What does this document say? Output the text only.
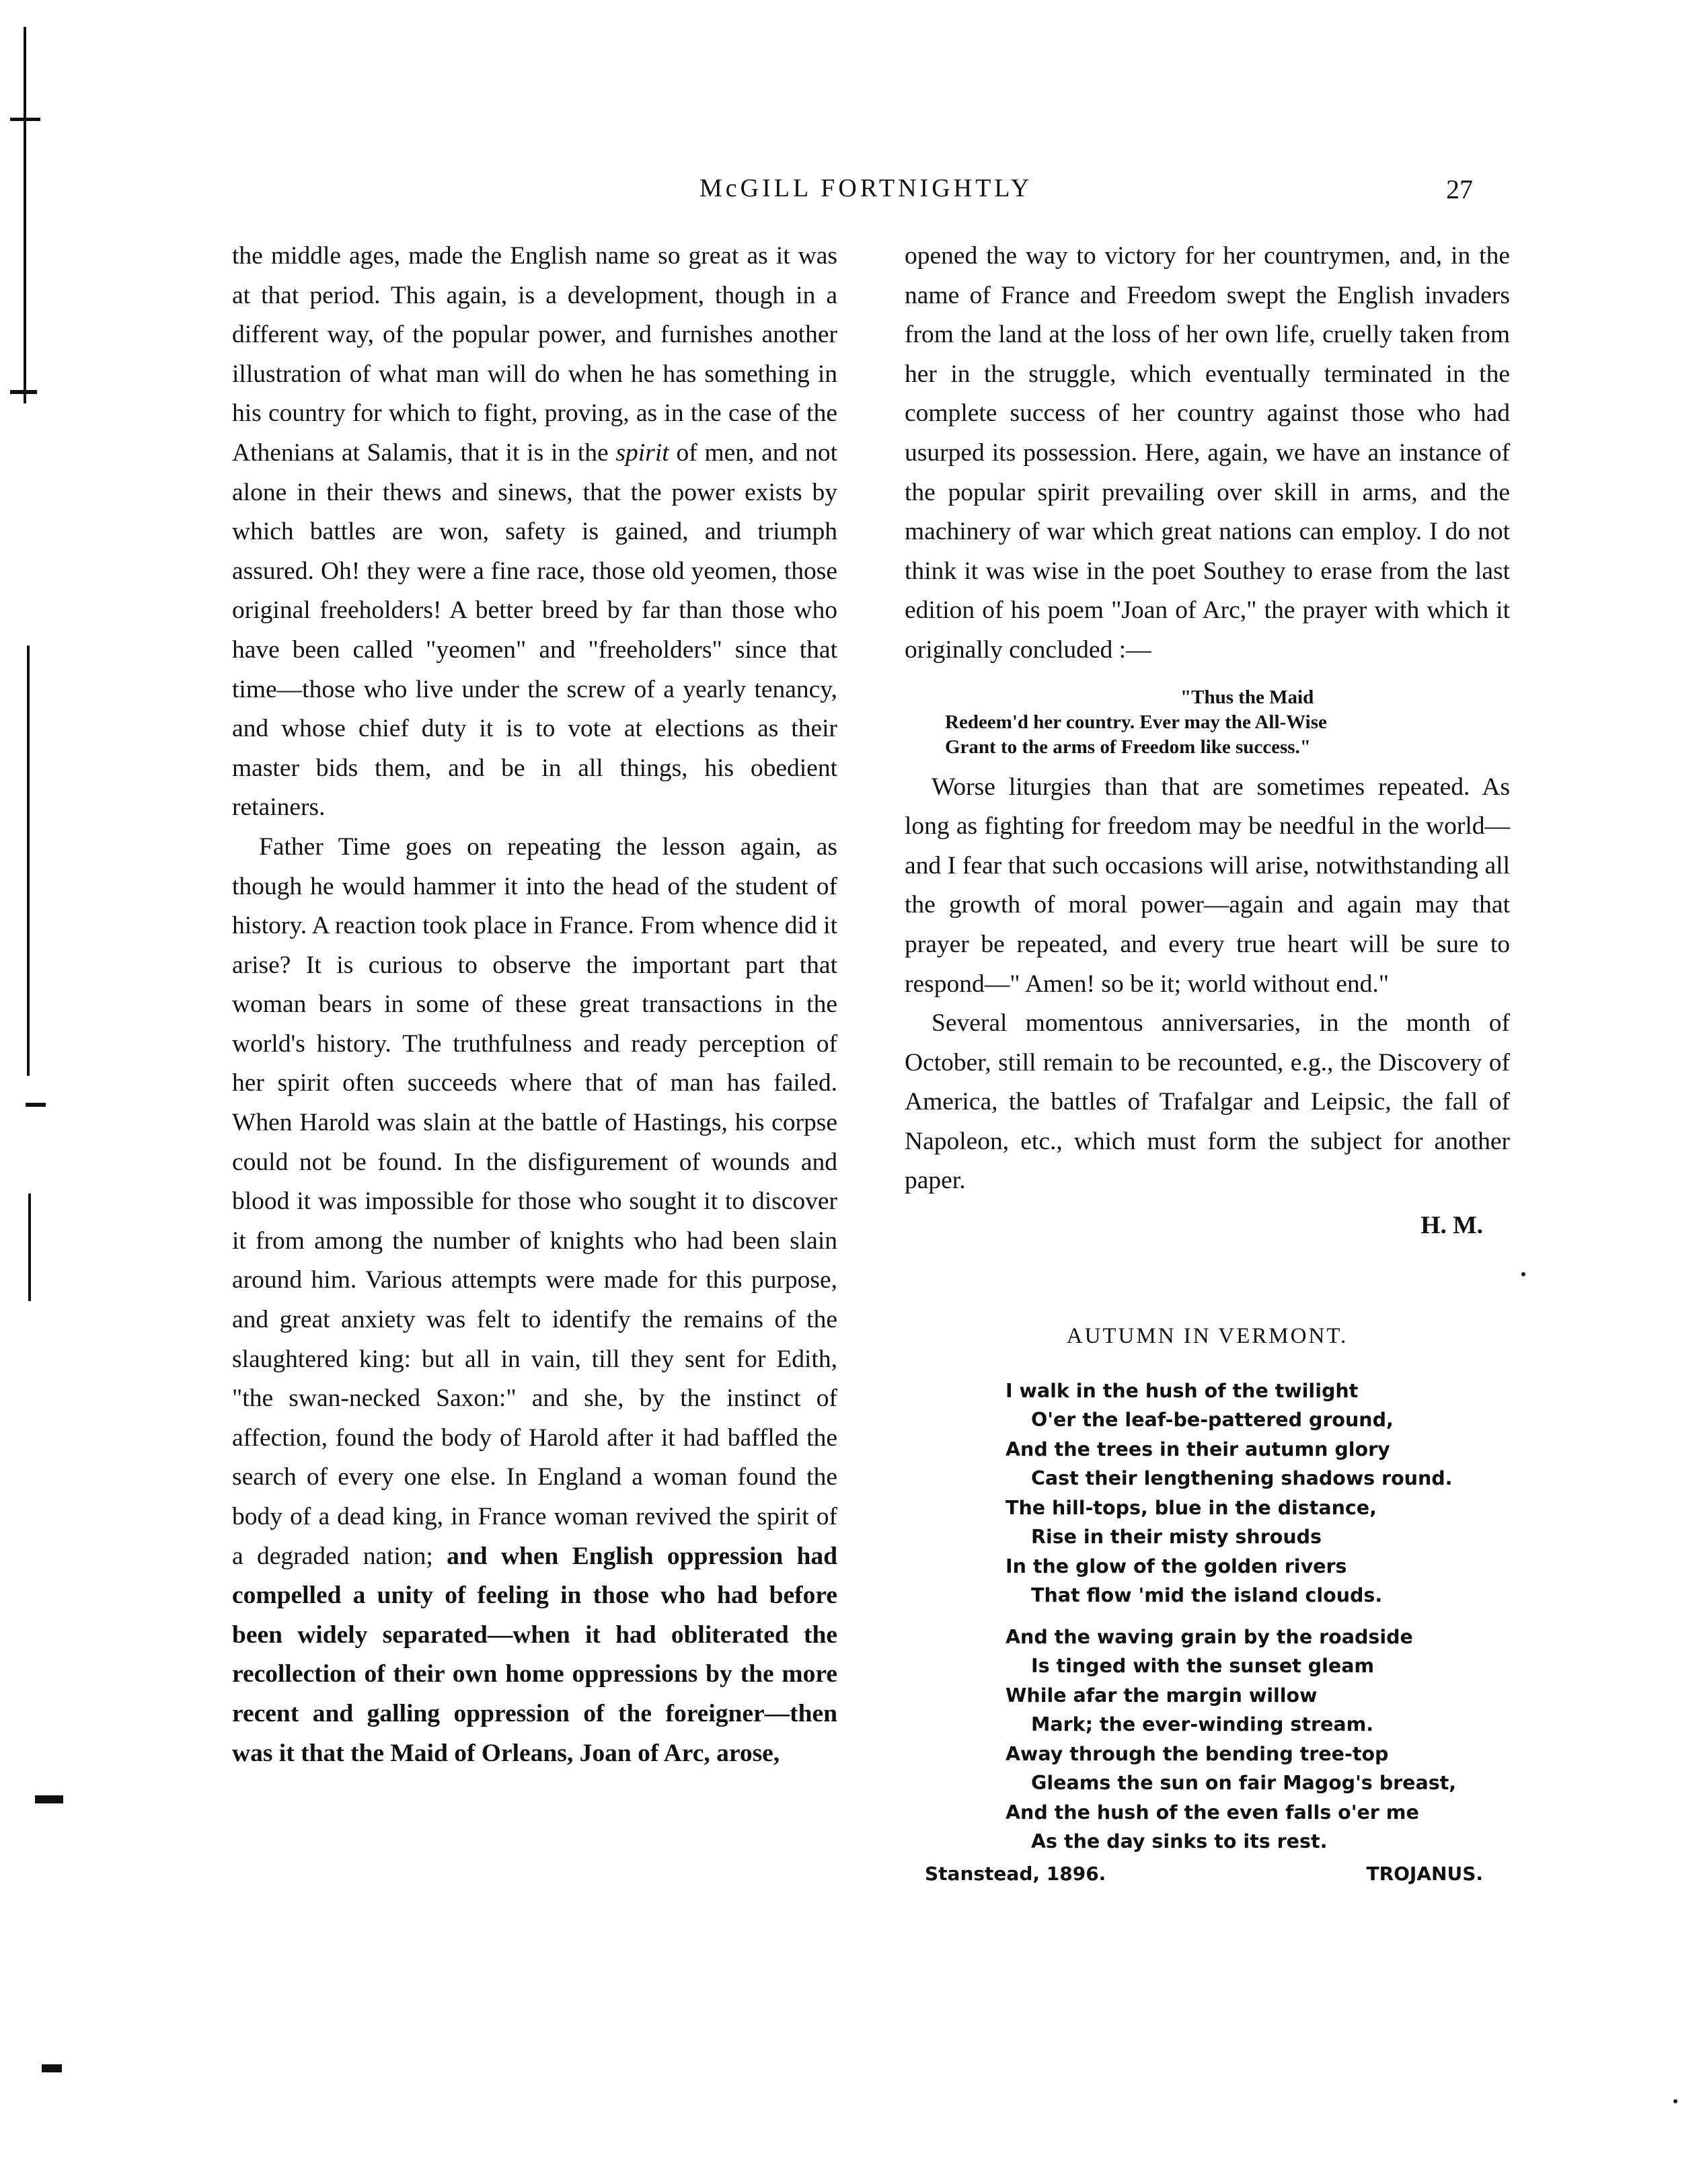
McGILL FORTNIGHTLY	27

the middle ages, made the English name so great as it was at that period. This again, is a development, though in a different way, of the popular power, and furnishes another illustration of what man will do when he has something in his country for which to fight, proving, as in the case of the Athenians at Salamis, that it is in the spirit of men, and not alone in their thews and sinews, that the power exists by which battles are won, safety is gained, and triumph assured. Oh! they were a fine race, those old yeomen, those original freeholders! A better breed by far than those who have been called "yeomen" and "freeholders" since that time—those who live under the screw of a yearly tenancy, and whose chief duty it is to vote at elections as their master bids them, and be in all things, his obedient retainers.

Father Time goes on repeating the lesson again, as though he would hammer it into the head of the student of history. A reaction took place in France. From whence did it arise? It is curious to observe the important part that woman bears in some of these great transactions in the world's history. The truthfulness and ready perception of her spirit often succeeds where that of man has failed. When Harold was slain at the battle of Hastings, his corpse could not be found. In the disfigurement of wounds and blood it was impossible for those who sought it to discover it from among the number of knights who had been slain around him. Various attempts were made for this purpose, and great anxiety was felt to identify the remains of the slaughtered king: but all in vain, till they sent for Edith, "the swan-necked Saxon:" and she, by the instinct of affection, found the body of Harold after it had baffled the search of every one else. In England a woman found the body of a dead king, in France woman revived the spirit of a degraded nation; and when English oppression had compelled a unity of feeling in those who had before been widely separated—when it had obliterated the recollection of their own home oppressions by the more recent and galling oppression of the foreigner—then was it that the Maid of Orleans, Joan of Arc, arose,

opened the way to victory for her countrymen, and, in the name of France and Freedom swept the English invaders from the land at the loss of her own life, cruelly taken from her in the struggle, which eventually terminated in the complete success of her country against those who had usurped its possession. Here, again, we have an instance of the popular spirit prevailing over skill in arms, and the machinery of war which great nations can employ. I do not think it was wise in the poet Southey to erase from the last edition of his poem "Joan of Arc," the prayer with which it originally concluded :—

"Thus the Maid
Redeem'd her country. Ever may the All-Wise
Grant to the arms of Freedom like success."

Worse liturgies than that are sometimes repeated. As long as fighting for freedom may be needful in the world—and I fear that such occasions will arise, notwithstanding all the growth of moral power—again and again may that prayer be repeated, and every true heart will be sure to respond—" Amen! so be it; world without end."

Several momentous anniversaries, in the month of October, still remain to be recounted, e.g., the Discovery of America, the battles of Trafalgar and Leipsic, the fall of Napoleon, etc., which must form the subject for another paper.

H. M.
AUTUMN IN VERMONT.
I walk in the hush of the twilight
O'er the leaf-be-pattered ground,
And the trees in their autumn glory
Cast their lengthening shadows round.
The hill-tops, blue in the distance,
Rise in their misty shrouds
In the glow of the golden rivers
That flow 'mid the island clouds.
And the waving grain by the roadside
Is tinged with the sunset gleam
While afar the margin willow
Mark; the ever-winding stream.
Away through the bending tree-top
Gleams the sun on fair Magog's breast,
And the hush of the even falls o'er me
As the day sinks to its rest.
Stanstead, 1896.	TROJANUS.
